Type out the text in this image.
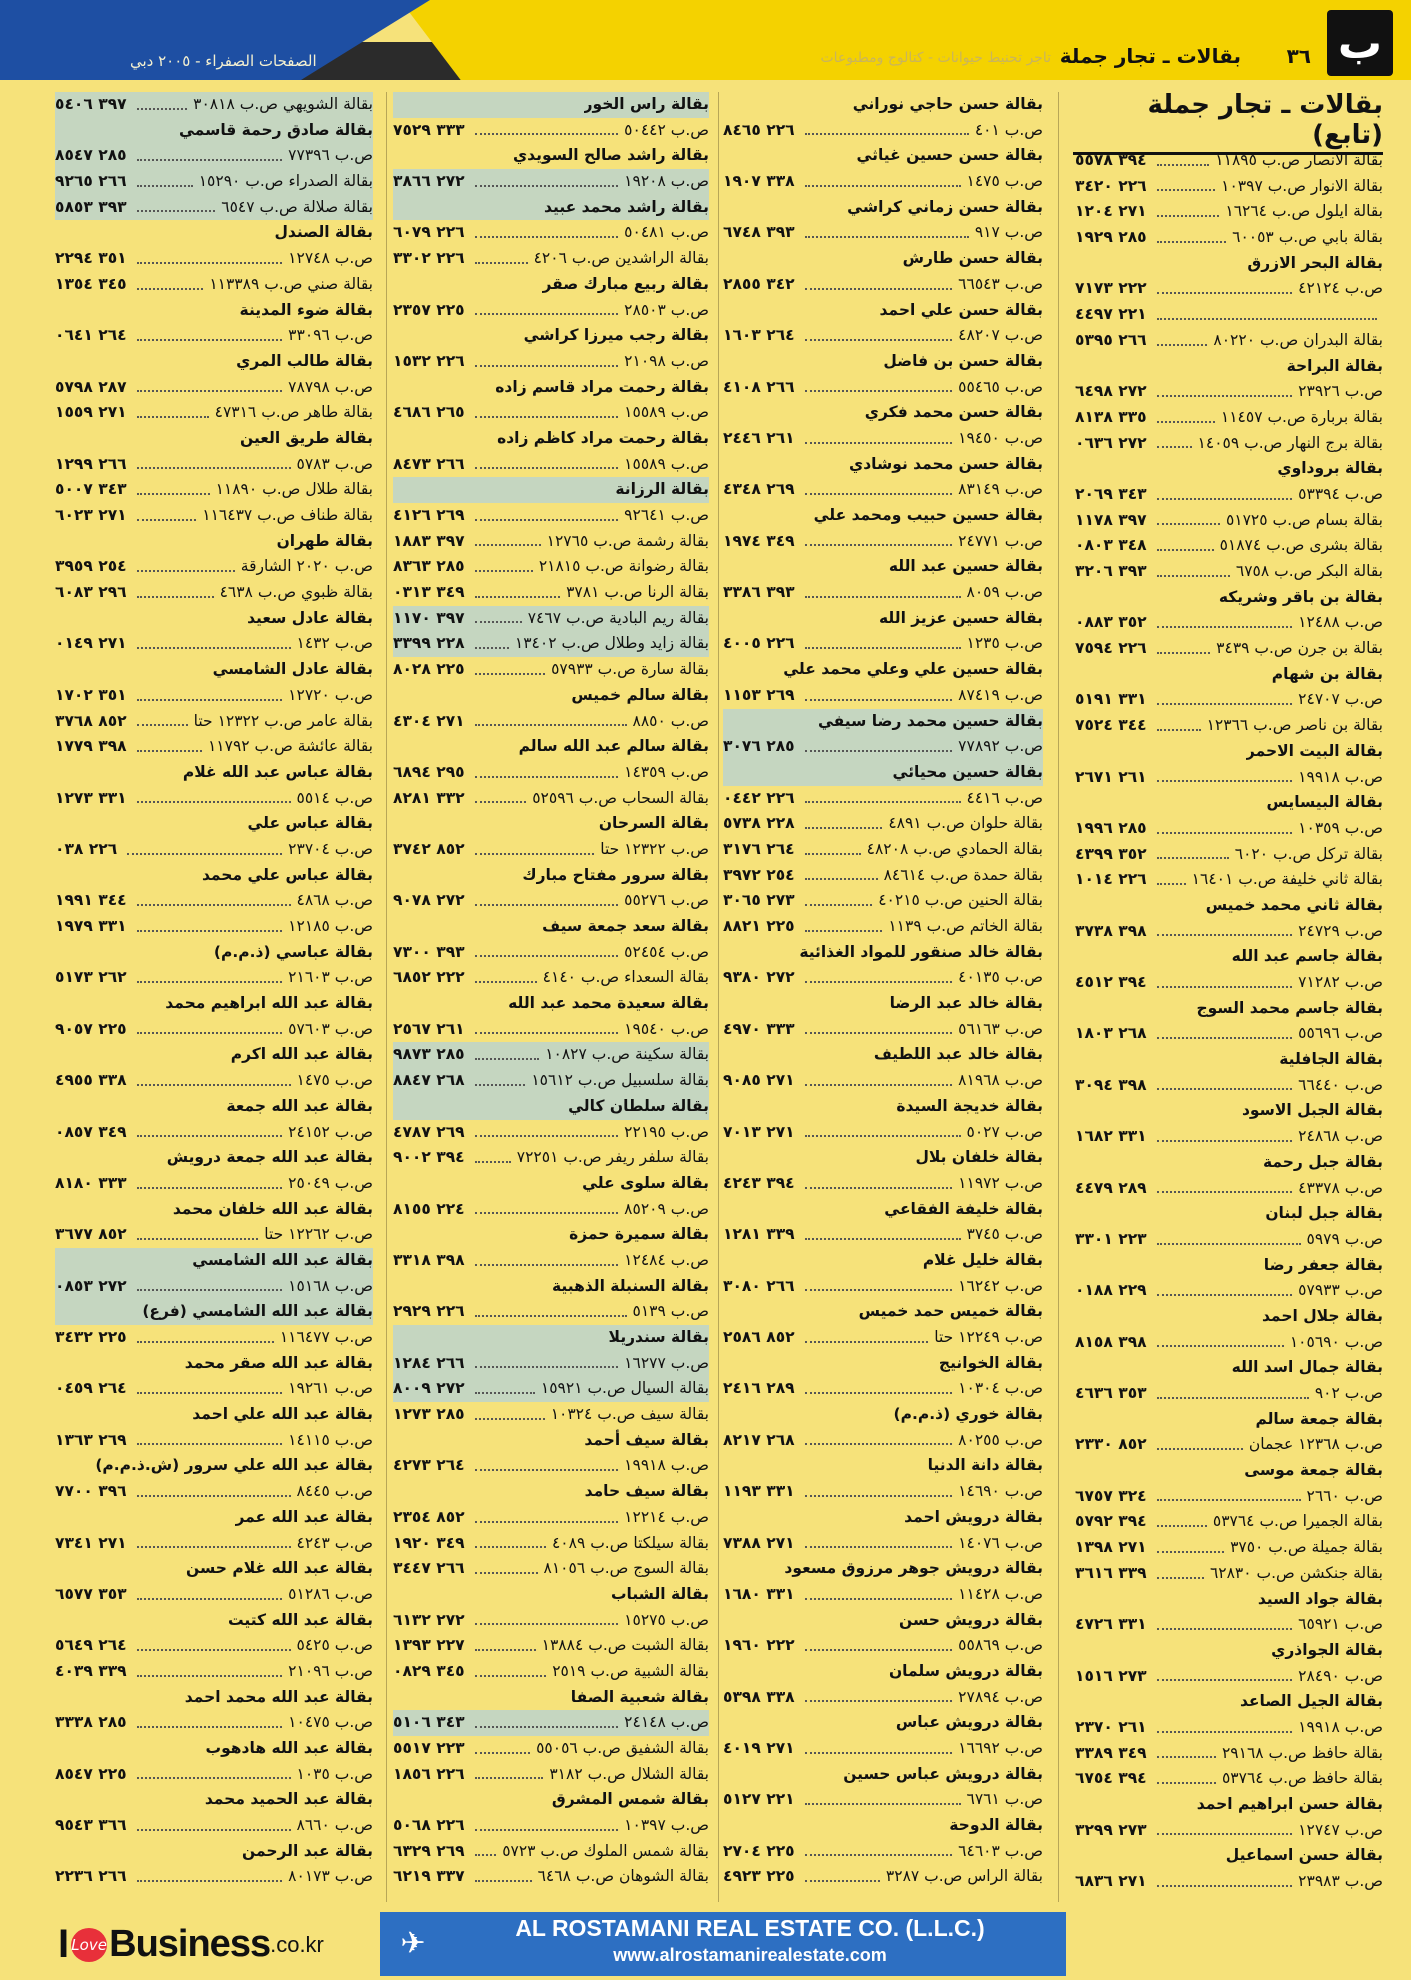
ب
٣٦
بقالات ـ تجار جملة
تاجر تحنيط حيوانات - كتالوج ومطبوعات
الصفحات الصفراء - ٢٠٠٥ دبي
بقالات ـ تجار جملة (تابع)
بقالة الانصار ص.ب ١١٨٩٥
٣٩٤ ٥٥٧٨
بقالة الانوار ص.ب ١٠٣٩٧
٢٢٦ ٣٤٢٠
بقالة ايلول ص.ب ١٦٢٦٤
٢٧١ ١٢٠٤
بقالة بابي ص.ب ٦٠٠٥٣
٢٨٥ ١٩٢٩
بقالة البحر الازرق
ص.ب ٤٢١٢٤
٢٢٢ ٧١٧٣
٢٢١ ٤٤٩٧
بقالة البدران ص.ب ٨٠٢٢٠
٢٦٦ ٥٣٩٥
بقالة البراحة
ص.ب ٢٣٩٢٦
٢٧٢ ٦٤٩٨
بقالة بربارة ص.ب ١١٤٥٧
٣٣٥ ٨١٣٨
بقالة برج النهار ص.ب ١٤٠٥٩
٢٧٢ ٠٦٣٦
بقالة بروداوي
ص.ب ٥٣٣٩٤
٣٤٣ ٢٠٦٩
بقالة بسام ص.ب ٥١٧٢٥
٣٩٧ ١١٧٨
بقالة بشرى ص.ب ٥١٨٧٤
٣٤٨ ٠٨٠٣
بقالة البكر ص.ب ٦٧٥٨
٣٩٣ ٣٢٠٦
بقالة بن باقر وشريكه
ص.ب ١٢٤٨٨
٣٥٢ ٠٨٨٣
بقالة بن جرن ص.ب ٣٤٣٩
٢٢٦ ٧٥٩٤
بقالة بن شهام
ص.ب ٢٤٧٠٧
٣٣١ ٥١٩١
بقالة بن ناصر ص.ب ١٢٣٦٦
٣٤٤ ٧٥٢٤
بقالة البيت الاحمر
ص.ب ١٩٩١٨
٢٦١ ٢٦٧١
بقالة البيسايس
ص.ب ١٠٣٥٩
٢٨٥ ١٩٩٦
بقالة تركل ص.ب ٦٠٢٠
٣٥٢ ٤٣٩٩
بقالة ثاني خليفة ص.ب ١٦٤٠١
٢٢٦ ١٠١٤
بقالة ثاني محمد خميس
ص.ب ٢٤٧٢٩
٣٩٨ ٣٧٣٨
بقالة جاسم عبد الله
ص.ب ٧١٢٨٢
٣٩٤ ٤٥١٢
بقالة جاسم محمد السوج
ص.ب ٥٥٦٩٦
٢٦٨ ١٨٠٣
بقالة الجافلية
ص.ب ٦٦٤٤٠
٣٩٨ ٣٠٩٤
بقالة الجبل الاسود
ص.ب ٢٤٨٦٨
٣٣١ ١٦٨٢
بقالة جبل رحمة
ص.ب ٤٣٣٧٨
٢٨٩ ٤٤٧٩
بقالة جبل لبنان
ص.ب ٥٩٧٩
٢٢٣ ٣٣٠١
بقالة جعفر رضا
ص.ب ٥٧٩٣٣
٢٢٩ ٠١٨٨
بقالة جلال احمد
ص.ب ١٠٥٦٩٠
٣٩٨ ٨١٥٨
بقالة جمال اسد الله
ص.ب ٩٠٢
٣٥٣ ٤٦٣٦
بقالة جمعة سالم
ص.ب ١٢٣٦٨ عجمان
٨٥٢ ٢٣٣٠
بقالة جمعة موسى
ص.ب ٢٦٦٠
٣٢٤ ٦٧٥٧
بقالة الجميرا ص.ب ٥٣٧٦٤
٣٩٤ ٥٧٩٢
بقالة جميلة ص.ب ٣٧٥٠
٢٧١ ١٣٩٨
بقالة جنكشن ص.ب ٦٢٨٣٠
٣٣٩ ٣٦١٦
بقالة جواد السيد
ص.ب ٦٥٩٢١
٣٣١ ٤٧٢٦
بقالة الجواذري
ص.ب ٢٨٤٩٠
٢٧٣ ١٥١٦
بقالة الجيل الصاعد
ص.ب ١٩٩١٨
٢٦١ ٢٣٧٠
بقالة حافظ ص.ب ٢٩١٦٨
٣٤٩ ٣٣٨٩
بقالة حافظ ص.ب ٥٣٧٦٤
٣٩٤ ٦٧٥٤
بقالة حسن ابراهيم احمد
ص.ب ١٢٧٤٧
٢٧٣ ٣٢٩٩
بقالة حسن اسماعيل
ص.ب ٢٣٩٨٣
٢٧١ ٦٨٣٦
بقالة حسن حاجي نوراني
ص.ب ٤٠١
٢٢٦ ٨٤٦٥
بقالة حسن حسين غياثي
ص.ب ١٤٧٥
٣٣٨ ١٩٠٧
بقالة حسن زماني كراشي
ص.ب ٩١٧
٣٩٣ ٦٧٤٨
بقالة حسن طارش
ص.ب ٦٦٥٤٣
٣٤٢ ٢٨٥٥
بقالة حسن علي احمد
ص.ب ٤٨٢٠٧
٢٦٤ ١٦٠٣
بقالة حسن بن فاضل
ص.ب ٥٥٤٦٥
٢٦٦ ٤١٠٨
بقالة حسن محمد فكري
ص.ب ١٩٤٥٠
٢٦١ ٢٤٤٦
بقالة حسن محمد نوشادي
ص.ب ٨٣١٤٩
٢٦٩ ٤٣٤٨
بقالة حسين حبيب ومحمد علي
ص.ب ٢٤٧٧١
٣٤٩ ١٩٧٤
بقالة حسين عبد الله
ص.ب ٨٠٥٩
٣٩٣ ٣٣٨٦
بقالة حسين عزيز الله
ص.ب ١٢٣٥
٢٢٦ ٤٠٠٥
بقالة حسين علي وعلي محمد علي
ص.ب ٨٧٤١٩
٢٦٩ ١١٥٣
بقالة حسين محمد رضا سيفي
ص.ب ٧٧٨٩٢
٢٨٥ ٣٠٧٦
بقالة حسين محيائي
ص.ب ٤٤١٦
٢٢٦ ٠٤٤٢
بقالة حلوان ص.ب ٤٨٩١
٢٢٨ ٥٧٣٨
بقالة الحمادي ص.ب ٤٨٢٠٨
٢٦٤ ٣١٧٦
بقالة حمدة ص.ب ٨٤٦١٤
٢٥٤ ٣٩٧٢
بقالة الحنين ص.ب ٤٠٢١٥
٢٧٣ ٣٠٦٥
بقالة الخاتم ص.ب ١١٣٩
٢٢٥ ٨٨٢١
بقالة خالد صنقور للمواد الغذائية
ص.ب ٤٠١٣٥
٢٧٢ ٩٣٨٠
بقالة خالد عبد الرضا
ص.ب ٥٦١٦٣
٣٣٣ ٤٩٧٠
بقالة خالد عبد اللطيف
ص.ب ٨١٩٦٨
٢٧١ ٩٠٨٥
بقالة خديجة السيدة
ص.ب ٥٠٢٧
٢٧١ ٧٠١٣
بقالة خلفان بلال
ص.ب ١١٩٧٢
٣٩٤ ٤٢٤٣
بقالة خليفة الفقاعي
ص.ب ٣٧٤٥
٣٣٩ ١٢٨١
بقالة خليل غلام
ص.ب ١٦٢٤٢
٢٦٦ ٣٠٨٠
بقالة خميس حمد خميس
ص.ب ١٢٢٤٩ حتا
٨٥٢ ٢٥٨٦
بقالة الخوانيج
ص.ب ١٠٣٠٤
٢٨٩ ٢٤١٦
بقالة خوري (ذ.م.م)
ص.ب ٨٠٢٥٥
٢٦٨ ٨٢١٧
بقالة دانة الدنيا
ص.ب ١٤٦٩٠
٣٣١ ١١٩٣
بقالة درويش احمد
ص.ب ١٤٠٧٦
٢٧١ ٧٣٨٨
بقالة درويش جوهر مرزوق مسعود
ص.ب ١١٤٢٨
٣٣١ ١٦٨٠
بقالة درويش حسن
ص.ب ٥٥٨٦٩
٢٢٢ ١٩٦٠
بقالة درويش سلمان
ص.ب ٢٧٨٩٤
٣٣٨ ٥٣٩٨
بقالة درويش عباس
ص.ب ١٦٦٩٢
٢٧١ ٤٠١٩
بقالة درويش عباس حسين
ص.ب ٦٧٦١
٢٢١ ٥١٢٧
بقالة الدوحة
ص.ب ٦٤٦٠٣
٢٢٥ ٢٧٠٤
بقالة الراس ص.ب ٣٢٨٧
٢٢٥ ٤٩٢٣
بقالة راس الخور
ص.ب ٥٠٤٤٢
٣٣٣ ٧٥٢٩
بقالة راشد صالح السويدي
ص.ب ١٩٢٠٨
٢٧٢ ٣٨٦٦
بقالة راشد محمد عبيد
ص.ب ٥٠٤٨١
٢٢٦ ٦٠٧٩
بقالة الراشدين ص.ب ٤٢٠٦
٢٢٦ ٣٣٠٢
بقالة ربيع مبارك صقر
ص.ب ٢٨٥٠٣
٢٢٥ ٢٣٥٧
بقالة رجب ميرزا كراشي
ص.ب ٢١٠٩٨
٢٢٦ ١٥٣٢
بقالة رحمت مراد قاسم زاده
ص.ب ١٥٥٨٩
٢٦٥ ٤٦٨٦
بقالة رحمت مراد كاظم زاده
ص.ب ١٥٥٨٩
٢٦٦ ٨٤٧٣
بقالة الرزانة
ص.ب ٩٢٦٤١
٢٦٩ ٤١٢٦
بقالة رشمة ص.ب ١٢٧٦٥
٣٩٧ ١٨٨٣
بقالة رضوانة ص.ب ٢١٨١٥
٢٨٥ ٨٣٦٣
بقالة الرنا ص.ب ٣٧٨١
٣٤٩ ٠٣١٣
بقالة ريم البادية ص.ب ٧٤٦٧
٣٩٧ ١١٧٠
بقالة زايد وطلال ص.ب ١٣٤٠٢
٢٢٨ ٣٣٩٩
بقالة سارة ص.ب ٥٧٩٣٣
٢٢٥ ٨٠٢٨
بقالة سالم خميس
ص.ب ٨٨٥٠
٢٧١ ٤٣٠٤
بقالة سالم عبد الله سالم
ص.ب ١٤٣٥٩
٢٩٥ ٦٨٩٤
بقالة السحاب ص.ب ٥٢٥٩٦
٣٣٢ ٨٢٨١
بقالة السرحان
ص.ب ١٢٣٢٢ حتا
٨٥٢ ٣٧٤٢
بقالة سرور مفتاح مبارك
ص.ب ٥٥٢٧٦
٢٧٢ ٩٠٧٨
بقالة سعد جمعة سيف
ص.ب ٥٢٤٥٤
٣٩٣ ٧٣٠٠
بقالة السعداء ص.ب ٤١٤٠
٢٢٢ ٦٨٥٢
بقالة سعيدة محمد عبد الله
ص.ب ١٩٥٤٠
٢٦١ ٢٥٦٧
بقالة سكينة ص.ب ١٠٨٢٧
٢٨٥ ٩٨٧٣
بقالة سلسبيل ص.ب ١٥٦١٢
٢٦٨ ٨٨٤٧
بقالة سلطان كالي
ص.ب ٢٢١٩٥
٢٦٩ ٤٧٨٧
بقالة سلفر ريفر ص.ب ٧٢٢٥١
٣٩٤ ٩٠٠٢
بقالة سلوى علي
ص.ب ٨٥٢٠٩
٢٢٤ ٨١٥٥
بقالة سميرة حمزة
ص.ب ١٢٤٨٤
٣٩٨ ٣٣١٨
بقالة السنبلة الذهبية
ص.ب ٥١٣٩
٢٢٦ ٢٩٢٩
بقالة سندريلا
ص.ب ١٦٢٧٧
٢٦٦ ١٢٨٤
بقالة السيال ص.ب ١٥٩٢١
٢٧٢ ٨٠٠٩
بقالة سيف ص.ب ١٠٣٢٤
٢٨٥ ١٢٧٣
بقالة سيف أحمد
ص.ب ١٩٩١٨
٢٦٤ ٤٢٧٣
بقالة سيف حامد
ص.ب ١٢٢١٤
٨٥٢ ٢٣٥٤
بقالة سيلكتا ص.ب ٤٠٨٩
٣٤٩ ١٩٢٠
بقالة السوج ص.ب ٨١٠٥٦
٢٦٦ ٣٤٤٧
بقالة الشباب
ص.ب ١٥٢٧٥
٢٧٢ ٦١٣٢
بقالة الشبت ص.ب ١٣٨٨٤
٢٢٧ ١٣٩٣
بقالة الشبية ص.ب ٢٥١٩
٣٤٥ ٠٨٢٩
بقالة شعبية الصفا
ص.ب ٢٤١٤٨
٣٤٣ ٥١٠٦
بقالة الشفيق ص.ب ٥٥٠٥٦
٢٢٣ ٥٥١٧
بقالة الشلال ص.ب ٣١٨٢
٢٢٦ ١٨٥٦
بقالة شمس المشرق
ص.ب ١٠٣٩٧
٢٢٦ ٥٠٦٨
بقالة شمس الملوك ص.ب ٥٧٢٣
٢٦٩ ٦٣٢٩
بقالة الشوهان ص.ب ٦٤٦٨
٣٣٧ ٦٢١٩
بقالة الشويهي ص.ب ٣٠٨١٨
٣٩٧ ٥٤٠٦
بقالة صادق رحمة قاسمي
ص.ب ٧٧٣٩٦
٢٨٥ ٨٥٤٧
بقالة الصدراء ص.ب ١٥٢٩٠
٢٦٦ ٩٢٦٥
بقالة صلالة ص.ب ٦٥٤٧
٣٩٣ ٥٨٥٣
بقالة الصندل
ص.ب ١٢٧٤٨
٣٥١ ٢٢٩٤
بقالة صني ص.ب ١١٣٣٨٩
٣٤٥ ١٣٥٤
بقالة ضوء المدينة
ص.ب ٣٣٠٩٦
٢٦٤ ٠٦٤١
بقالة طالب المري
ص.ب ٧٨٧٩٨
٢٨٧ ٥٧٩٨
بقالة طاهر ص.ب ٤٧٣١٦
٢٧١ ١٥٥٩
بقالة طريق العين
ص.ب ٥٧٨٣
٢٦٦ ١٢٩٩
بقالة طلال ص.ب ١١٨٩٠
٣٤٣ ٥٠٠٧
بقالة طناف ص.ب ١١٦٤٣٧
٢٧١ ٦٠٢٣
بقالة طهران
ص.ب ٢٠٢٠ الشارقة
٢٥٤ ٣٩٥٩
بقالة ظبوي ص.ب ٤٦٣٨
٢٩٦ ٦٠٨٣
بقالة عادل سعيد
ص.ب ١٤٣٢
٢٧١ ٠١٤٩
بقالة عادل الشامسي
ص.ب ١٢٧٢٠
٣٥١ ١٧٠٢
بقالة عامر ص.ب ١٢٣٢٢ حتا
٨٥٢ ٣٧٦٨
بقالة عائشة ص.ب ١١٧٩٢
٣٩٨ ١٧٧٩
بقالة عباس عبد الله غلام
ص.ب ٥٥١٤
٣٣١ ١٢٧٣
بقالة عباس علي
ص.ب ٢٣٧٠٤
٢٢٦ ٠٣٨
بقالة عباس علي محمد
ص.ب ٤٨٦٨
٣٤٤ ١٩٩١
ص.ب ١٢١٨٥
٣٣١ ١٩٧٩
بقالة عباسي (ذ.م.م)
ص.ب ٢١٦٠٣
٢٦٢ ٥١٧٣
بقالة عبد الله ابراهيم محمد
ص.ب ٥٧٦٠٣
٢٢٥ ٩٠٥٧
بقالة عبد الله اكرم
ص.ب ١٤٧٥
٣٣٨ ٤٩٥٥
بقالة عبد الله جمعة
ص.ب ٢٤١٥٢
٣٤٩ ٠٨٥٧
بقالة عبد الله جمعة درويش
ص.ب ٢٥٠٤٩
٣٣٣ ٨١٨٠
بقالة عبد الله خلفان محمد
ص.ب ١٢٢٦٢ حتا
٨٥٢ ٣٦٧٧
بقالة عبد الله الشامسي
ص.ب ١٥١٦٨
٢٧٢ ٠٨٥٣
بقالة عبد الله الشامسي (فرع)
ص.ب ١١٦٤٧٧
٢٢٥ ٣٤٣٢
بقالة عبد الله صقر محمد
ص.ب ١٩٢٦١
٢٦٤ ٠٤٥٩
بقالة عبد الله علي احمد
ص.ب ١٤١١٥
٢٦٩ ١٣٦٣
بقالة عبد الله علي سرور (ش.ذ.م.م)
ص.ب ٨٤٤٥
٣٩٦ ٧٧٠٠
بقالة عبد الله عمر
ص.ب ٤٢٤٣
٢٧١ ٧٣٤١
بقالة عبد الله غلام حسن
ص.ب ٥١٢٨٦
٣٥٣ ٦٥٧٧
بقالة عبد الله كتيت
ص.ب ٥٤٢٥
٢٦٤ ٥٦٤٩
ص.ب ٢١٠٩٦
٣٣٩ ٤٠٣٩
بقالة عبد الله محمد احمد
ص.ب ١٠٤٧٥
٢٨٥ ٣٣٣٨
بقالة عبد الله هادهوب
ص.ب ١٠٣٥
٢٢٥ ٨٥٤٧
بقالة عبد الحميد محمد
ص.ب ٨٦٦٠
٣٦٦ ٩٥٤٣
بقالة عبد الرحمن
ص.ب ٨٠١٧٣
٢٦٦ ٢٢٣٦
I Love Business .co.kr	✈	AL ROSTAMANI REAL ESTATE CO. (L.L.C.)
www.alrostamanirealestate.com
